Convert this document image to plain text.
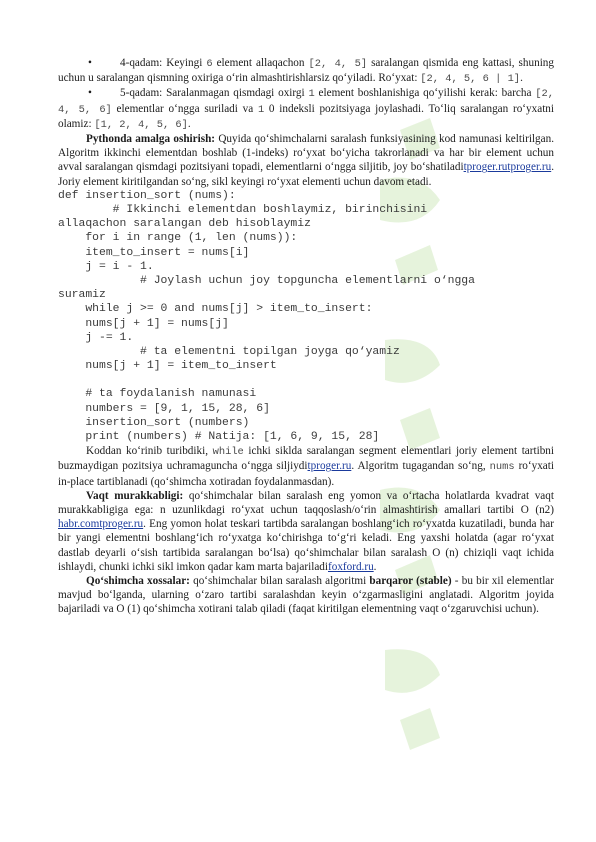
•	4-qadam: Keyingi 6 element allaqachon [2, 4, 5] saralangan qismida eng kattasi, shuning uchun u saralangan qismning oxiriga o‘rin almashtirishlarsiz qo‘yiladi. Ro‘yxat: [2, 4, 5, 6 | 1].

•	5-qadam: Saralanmagan qismdagi oxirgi 1 element boshlanishiga qo‘yilishi kerak: barcha [2, 4, 5, 6] elementlar o‘ngga suriladi va 1 0 indeksli pozitsiyaga joylashadi. To‘liq saralangan ro‘yxatni olamiz: [1, 2, 4, 5, 6].

Pythonda amalga oshirish: Quyida qo‘shimchalarni saralash funksiyasining kod namunasi keltirilgan. Algoritm ikkinchi elementdan boshlab (1-indeks) ro‘yxat bo‘yicha takrorlanadi va har bir element uchun avval saralangan qismdagi pozitsiyani topadi, elementlarni o‘ngga siljitib, joy bo‘shatiladitproger.rutproger.ru. Joriy element kiritilgandan so‘ng, sikl keyingi ro‘yxat elementi uchun davom etadi.

def insertion_sort (nums):
# Ikkinchi elementdan boshlaymiz, birinchisini
allaqachon saralangan deb hisoblaymiz
for i in range (1, len (nums)):
item_to_insert = nums[i]
j = i - 1.
# Joylash uchun joy topguncha elementlarni o‘ngga
suramiz
while j >= 0 and nums[j] > item_to_insert:
nums[j + 1] = nums[j]
j -= 1.
# ta elementni topilgan joyga qo‘yamiz
nums[j + 1] = item_to_insert
# ta foydalanish namunasi
numbers = [9, 1, 15, 28, 6]
insertion_sort (numbers)
print (numbers) # Natija: [1, 6, 9, 15, 28]

Koddan ko‘rinib turibdiki, while ichki siklda saralangan segment elementlari joriy element tartibni buzmaydigan pozitsiya uchramaguncha o‘ngga siljiyditproger.ru. Algoritm tugagandan so‘ng, nums ro‘yxati in-place tartiblanadi (qo‘shimcha xotiradan foydalanmasdan).

Vaqt murakkabligi: qo‘shimchalar bilan saralash eng yomon va o‘rtacha holatlarda kvadrat vaqt murakkabligiga ega: n uzunlikdagi ro‘yxat uchun taqqoslash/o‘rin almashtirish amallari tartibi O (n2) habr.comtproger.ru. Eng yomon holat teskari tartibda saralangan boshlang‘ich ro‘yxatda kuzatiladi, bunda har bir yangi elementni boshlang‘ich ro‘yxatga ko‘chirishga to‘g‘ri keladi. Eng yaxshi holatda (agar ro‘yxat dastlab deyarli o‘sish tartibida saralangan bo‘lsa) qo‘shimchalar bilan saralash O (n) chiziqli vaqt ichida ishlaydi, chunki ichki sikl imkon qadar kam marta bajariladifoxford.ru.

Qo‘shimcha xossalar: qo‘shimchalar bilan saralash algoritmi barqaror (stable) - bu bir xil elementlar mavjud bo‘lganda, ularning o‘zaro tartibi saralashdan keyin o‘zgarmasligini anglatadi. Algoritm joyida bajariladi va O (1) qo‘shimcha xotirani talab qiladi (faqat kiritilgan elementning vaqt o‘zgaruvchisi uchun).
